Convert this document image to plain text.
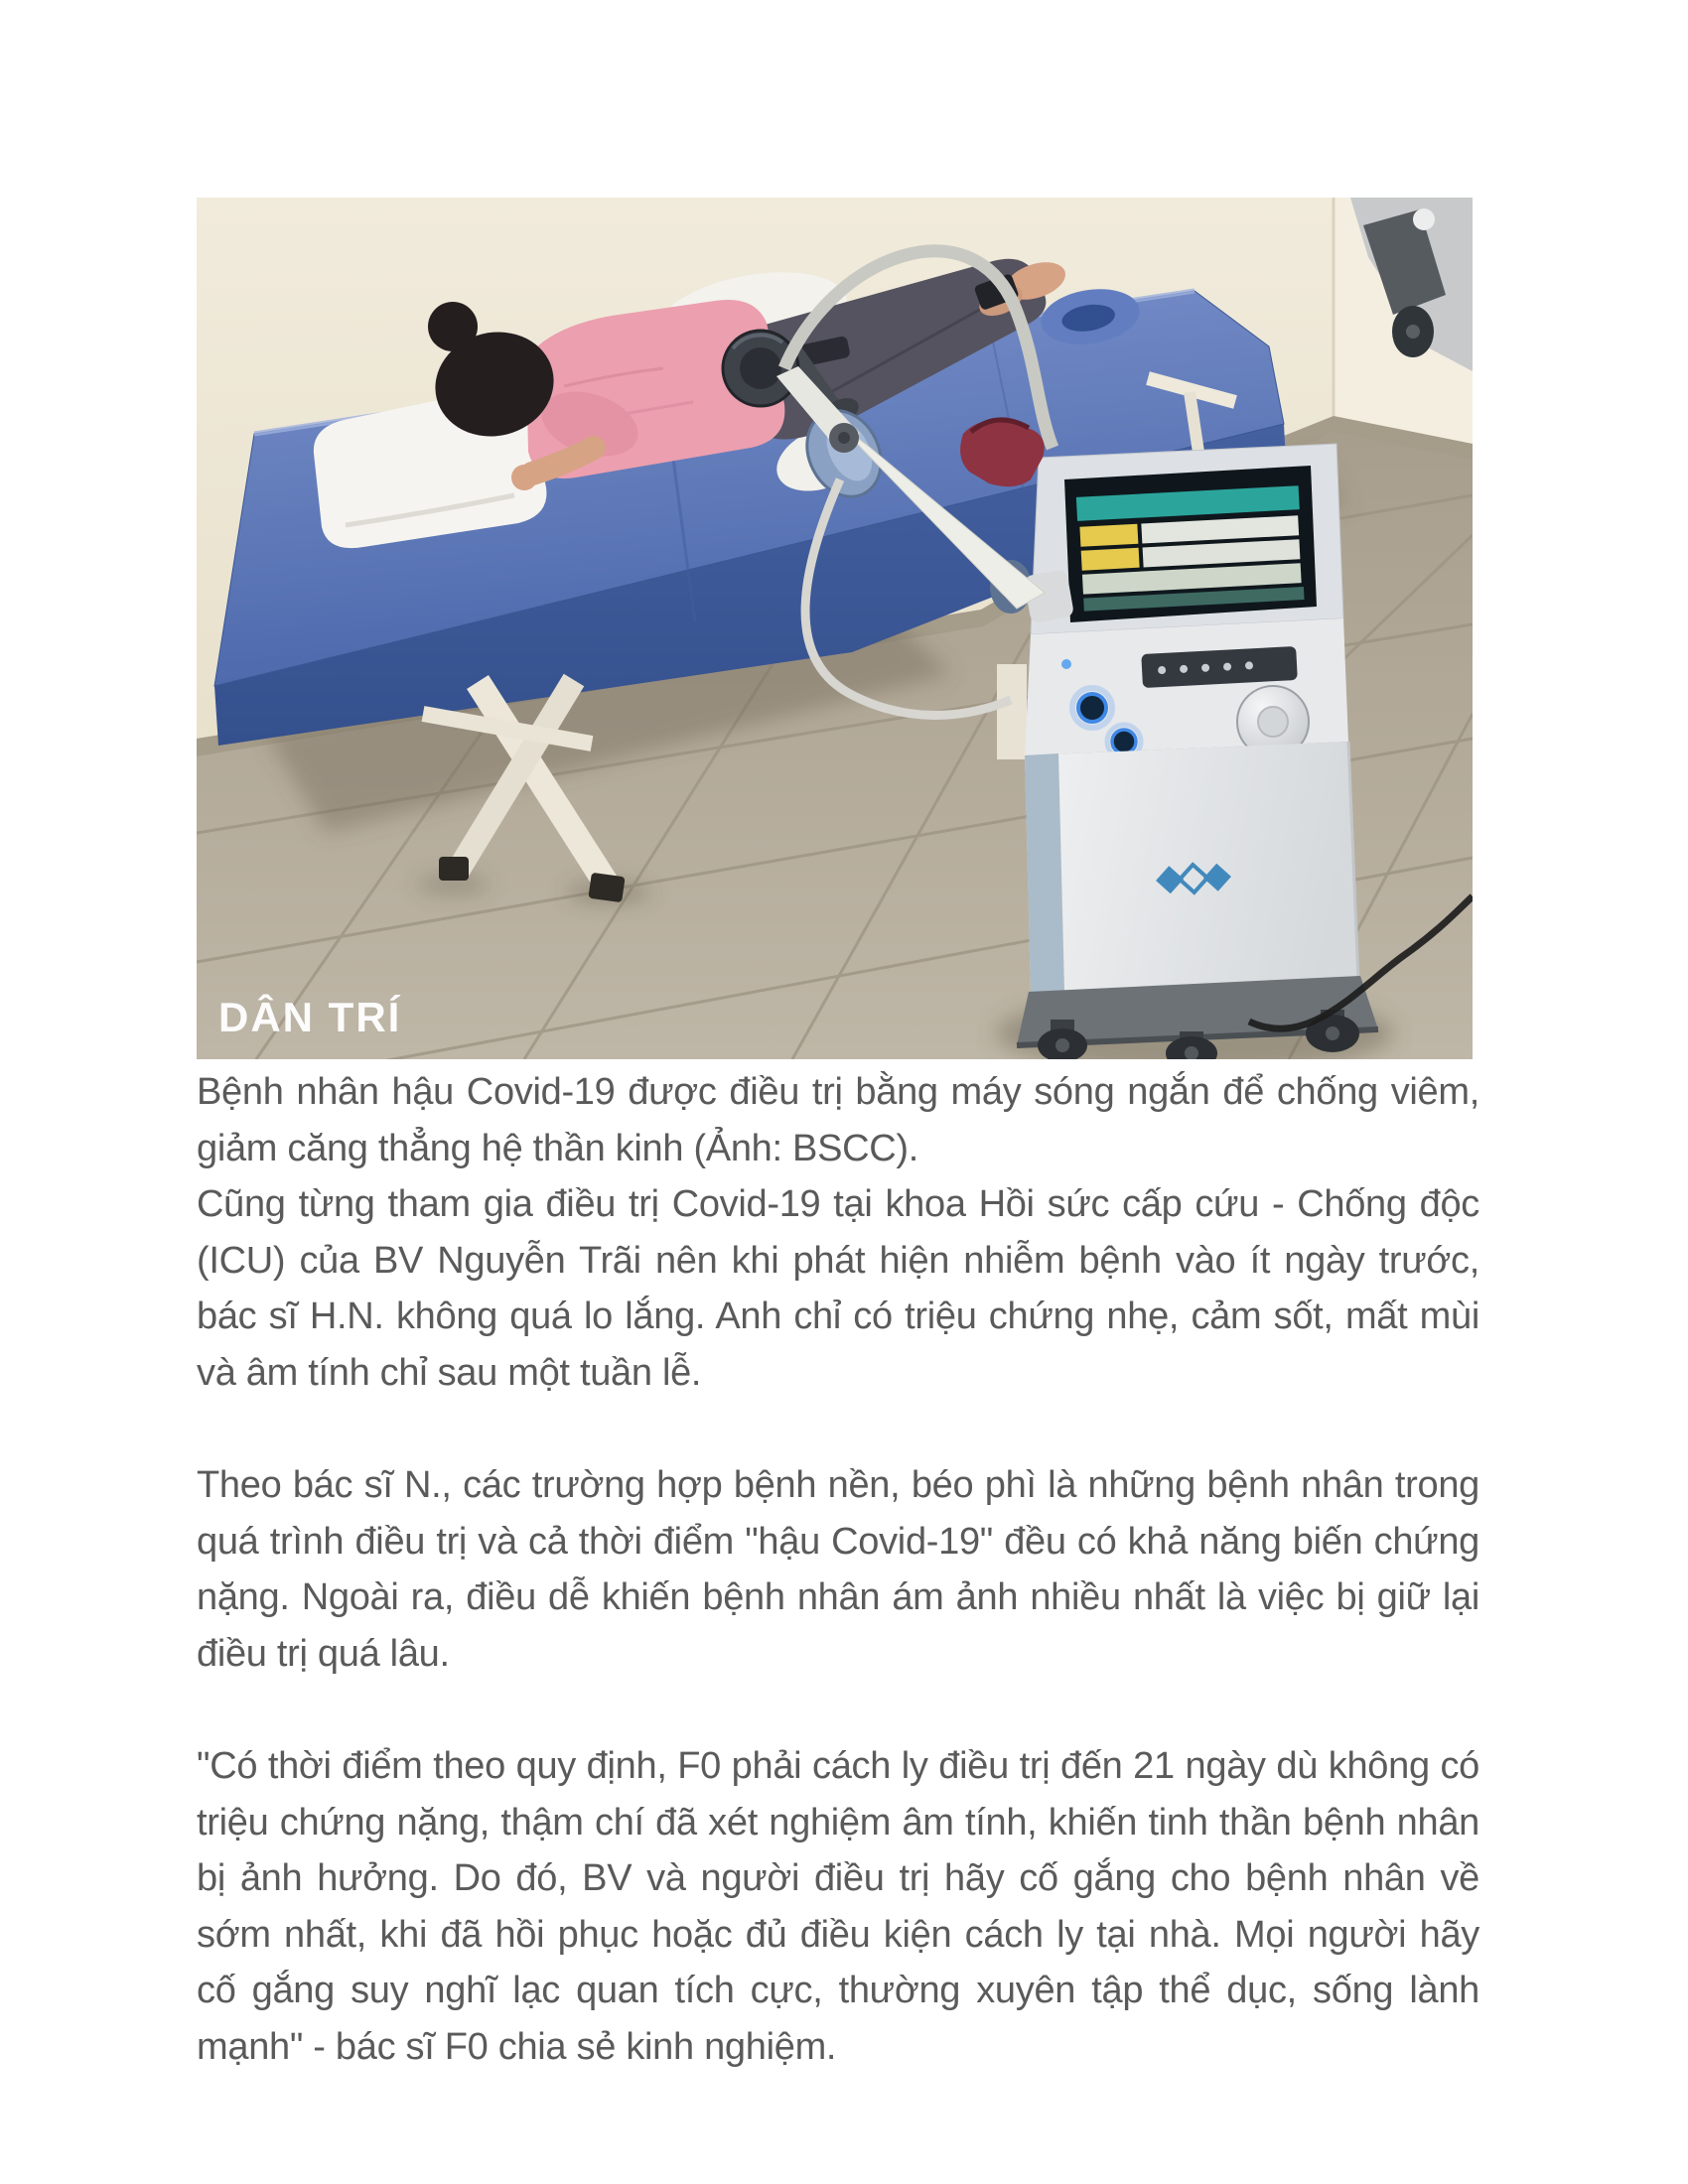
DÂN TRÍ

Bệnh nhân hậu Covid-19 được điều trị bằng máy sóng ngắn để chống viêm, giảm căng thẳng hệ thần kinh (Ảnh: BSCC).

Cũng từng tham gia điều trị Covid-19 tại khoa Hồi sức cấp cứu - Chống độc (ICU) của BV Nguyễn Trãi nên khi phát hiện nhiễm bệnh vào ít ngày trước, bác sĩ H.N. không quá lo lắng. Anh chỉ có triệu chứng nhẹ, cảm sốt, mất mùi và âm tính chỉ sau một tuần lễ.

Theo bác sĩ N., các trường hợp bệnh nền, béo phì là những bệnh nhân trong quá trình điều trị và cả thời điểm "hậu Covid-19" đều có khả năng biến chứng nặng. Ngoài ra, điều dễ khiến bệnh nhân ám ảnh nhiều nhất là việc bị giữ lại điều trị quá lâu.

"Có thời điểm theo quy định, F0 phải cách ly điều trị đến 21 ngày dù không có triệu chứng nặng, thậm chí đã xét nghiệm âm tính, khiến tinh thần bệnh nhân bị ảnh hưởng. Do đó, BV và người điều trị hãy cố gắng cho bệnh nhân về sớm nhất, khi đã hồi phục hoặc đủ điều kiện cách ly tại nhà. Mọi người hãy cố gắng suy nghĩ lạc quan tích cực, thường xuyên tập thể dục, sống lành mạnh" - bác sĩ F0 chia sẻ kinh nghiệm.
